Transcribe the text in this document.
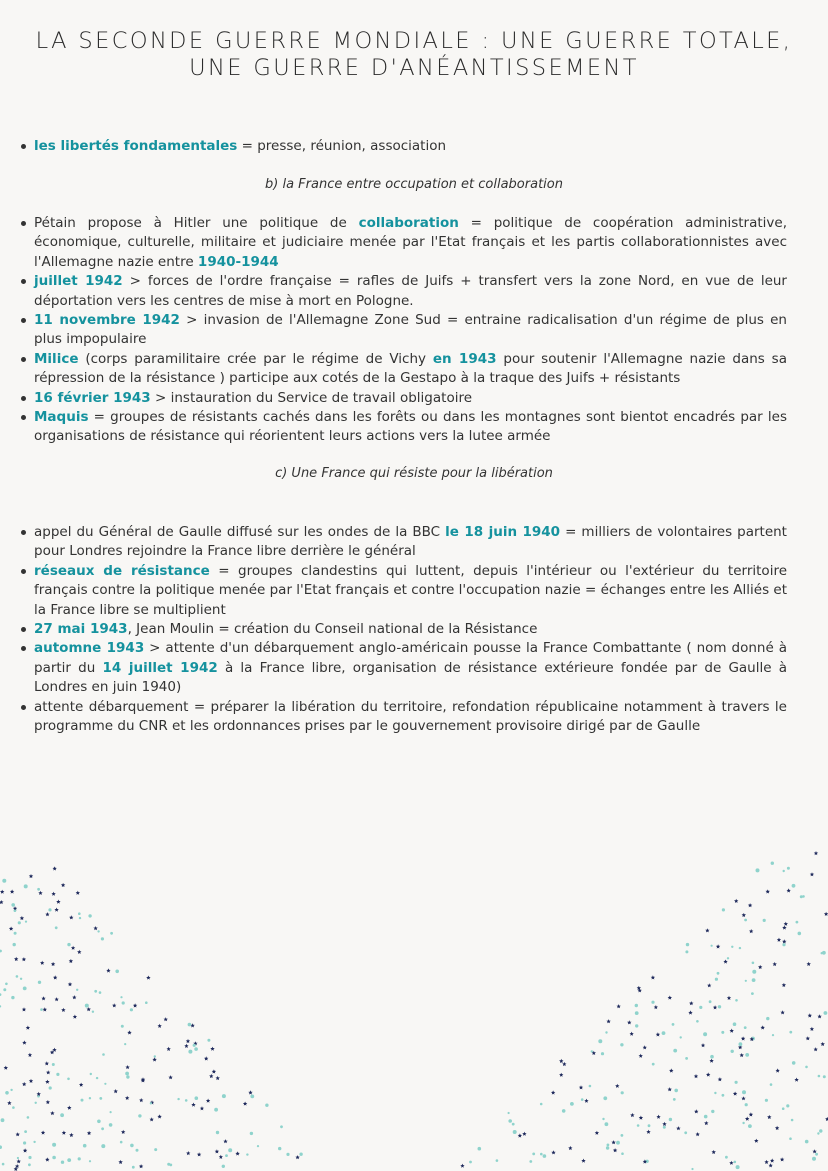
LA SECONDE GUERRE MONDIALE : UNE GUERRE TOTALE,
UNE GUERRE D'ANÉANTISSEMENT
les libertés fondamentales = presse, réunion, association
b) la France entre occupation et collaboration
Pétain propose à Hitler une politique de collaboration = politique de coopération administrative, économique, culturelle, militaire et judiciaire menée par l'Etat français et les partis collaborationnistes avec l'Allemagne nazie entre 1940-1944
juillet 1942 > forces de l'ordre française = rafles de Juifs + transfert vers la zone Nord, en vue de leur déportation vers les centres de mise à mort en Pologne.
11 novembre 1942 > invasion de l'Allemagne Zone Sud = entraine radicalisation d'un régime de plus en plus impopulaire
Milice (corps paramilitaire crée par le régime de Vichy en 1943 pour soutenir l'Allemagne nazie dans sa répression de la résistance ) participe aux cotés de la Gestapo à la traque des Juifs + résistants
16 février 1943 > instauration du Service de travail obligatoire
Maquis = groupes de résistants cachés dans les forêts ou dans les montagnes sont bientot encadrés par les organisations de résistance qui réorientent leurs actions vers la lutee armée
c) Une France qui résiste pour la libération
appel du Général de Gaulle diffusé sur les ondes de la BBC le 18 juin 1940 = milliers de volontaires partent pour Londres rejoindre la France libre derrière le général
réseaux de résistance = groupes clandestins qui luttent, depuis l'intérieur ou l'extérieur du territoire français contre la politique menée par l'Etat français et contre l'occupation nazie = échanges entre les Alliés et la France libre se multiplient
27 mai 1943, Jean Moulin = création du Conseil national de la Résistance
automne 1943 > attente d'un débarquement anglo-américain pousse la France Combattante ( nom donné à partir du 14 juillet 1942 à la France libre, organisation de résistance extérieure fondée par de Gaulle à Londres en juin 1940)
attente débarquement = préparer la libération du territoire, refondation républicaine notamment à travers le programme du CNR et les ordonnances prises par le gouvernement provisoire dirigé par de Gaulle
